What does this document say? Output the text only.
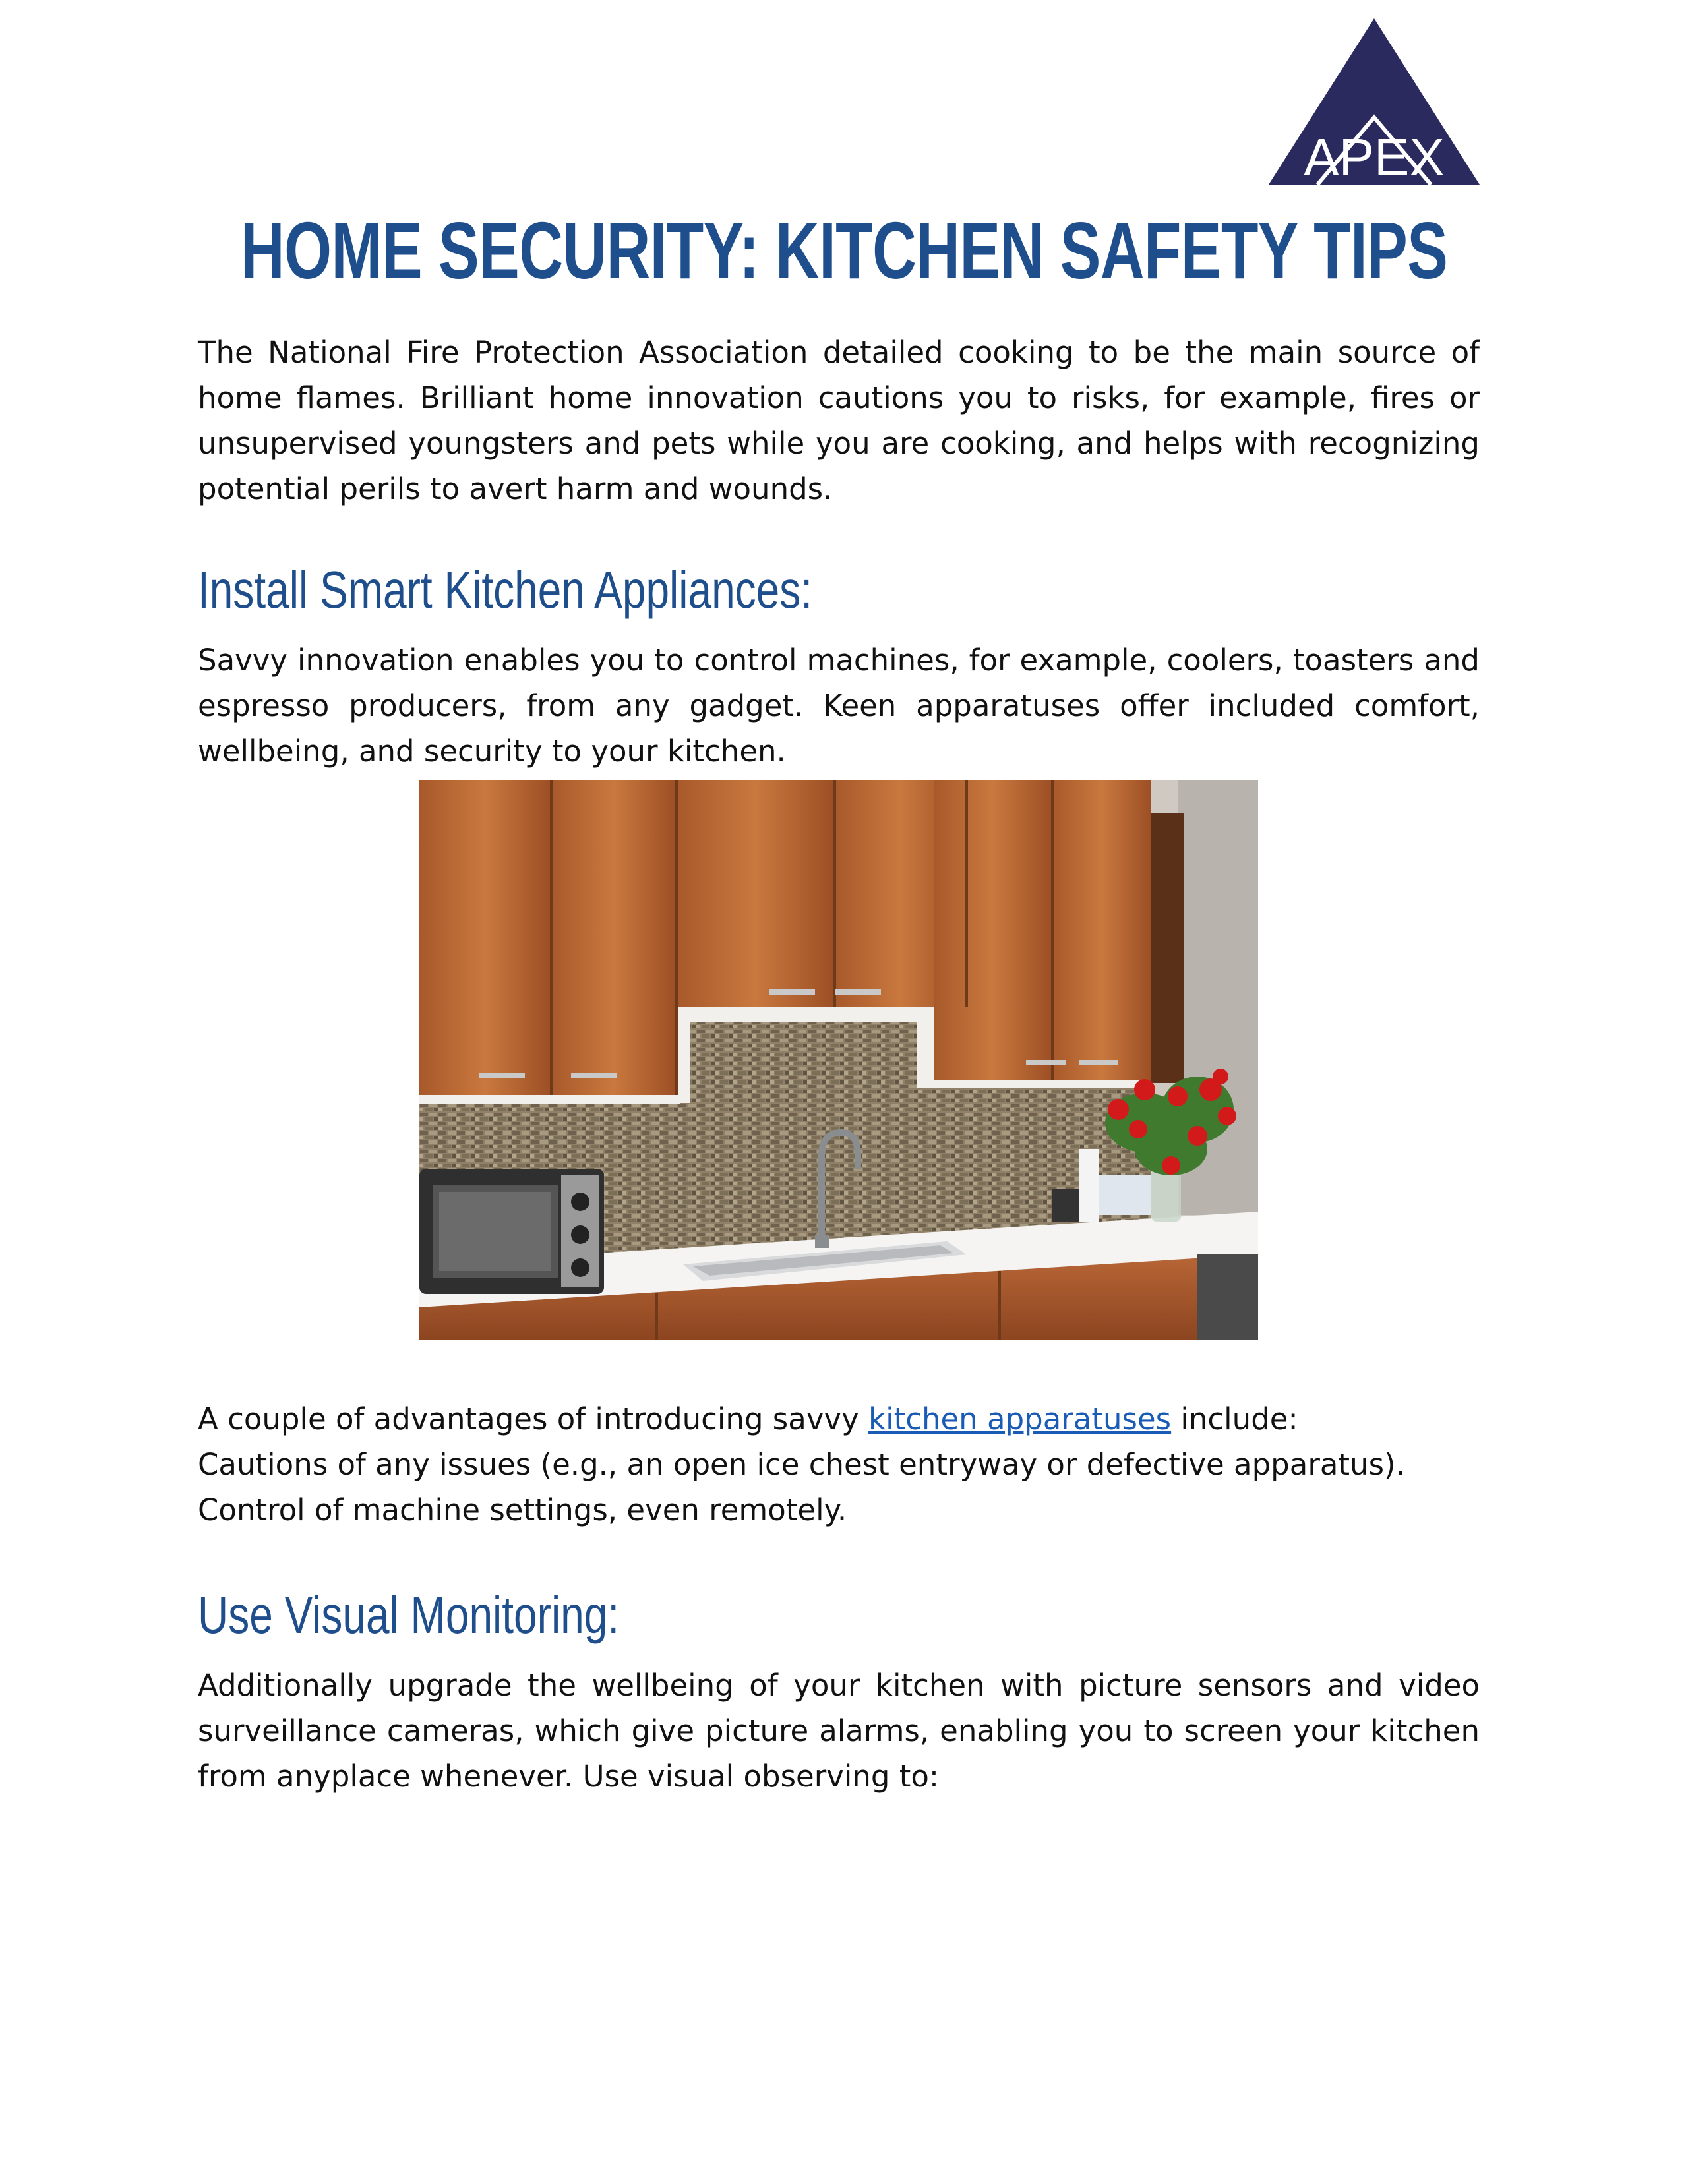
APEX
HOME SECURITY: KITCHEN SAFETY TIPS

The National Fire Protection Association detailed cooking to be the main source of home flames. Brilliant home innovation cautions you to risks, for example, fires or unsupervised youngsters and pets while you are cooking, and helps with recognizing potential perils to avert harm and wounds.

Install Smart Kitchen Appliances:

Savvy innovation enables you to control machines, for example, coolers, toasters and espresso producers, from any gadget. Keen apparatuses offer included comfort, wellbeing, and security to your kitchen.

A couple of advantages of introducing savvy kitchen apparatuses include:
Cautions of any issues (e.g., an open ice chest entryway or defective apparatus).
Control of machine settings, even remotely.
Use Visual Monitoring:

Additionally upgrade the wellbeing of your kitchen with picture sensors and video surveillance cameras, which give picture alarms, enabling you to screen your kitchen from anyplace whenever. Use visual observing to:
